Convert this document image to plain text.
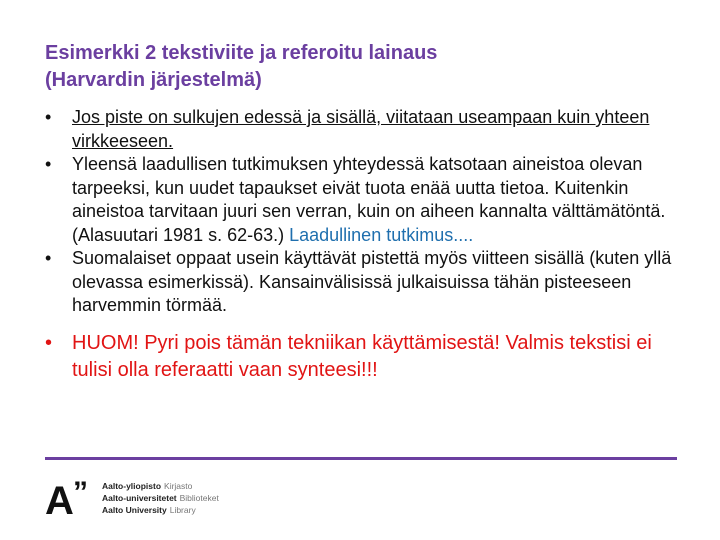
Esimerkki 2 tekstiviite ja referoitu lainaus
(Harvardin järjestelmä)
• Jos piste on sulkujen edessä ja sisällä, viitataan useampaan kuin yhteen virkkeeseen.
• Yleensä laadullisen tutkimuksen yhteydessä katsotaan aineistoa olevan tarpeeksi, kun uudet tapaukset eivät tuota enää uutta tietoa. Kuitenkin aineistoa tarvitaan juuri sen verran, kuin on aiheen kannalta välttämätöntä. (Alasuutari 1981 s. 62-63.) Laadullinen tutkimus....
• Suomalaiset oppaat usein käyttävät pistettä myös viitteen sisällä (kuten yllä olevassa esimerkissä). Kansainvälisissä julkaisuissa tähän pisteeseen harvemmin törmää.
• HUOM! Pyri pois tämän tekniikan käyttämisestä! Valmis tekstisi ei tulisi olla referaatti vaan synteesi!!!
A ” Aalto-yliopisto Kirjasto
Aalto-universitetet Biblioteket
Aalto University Library
